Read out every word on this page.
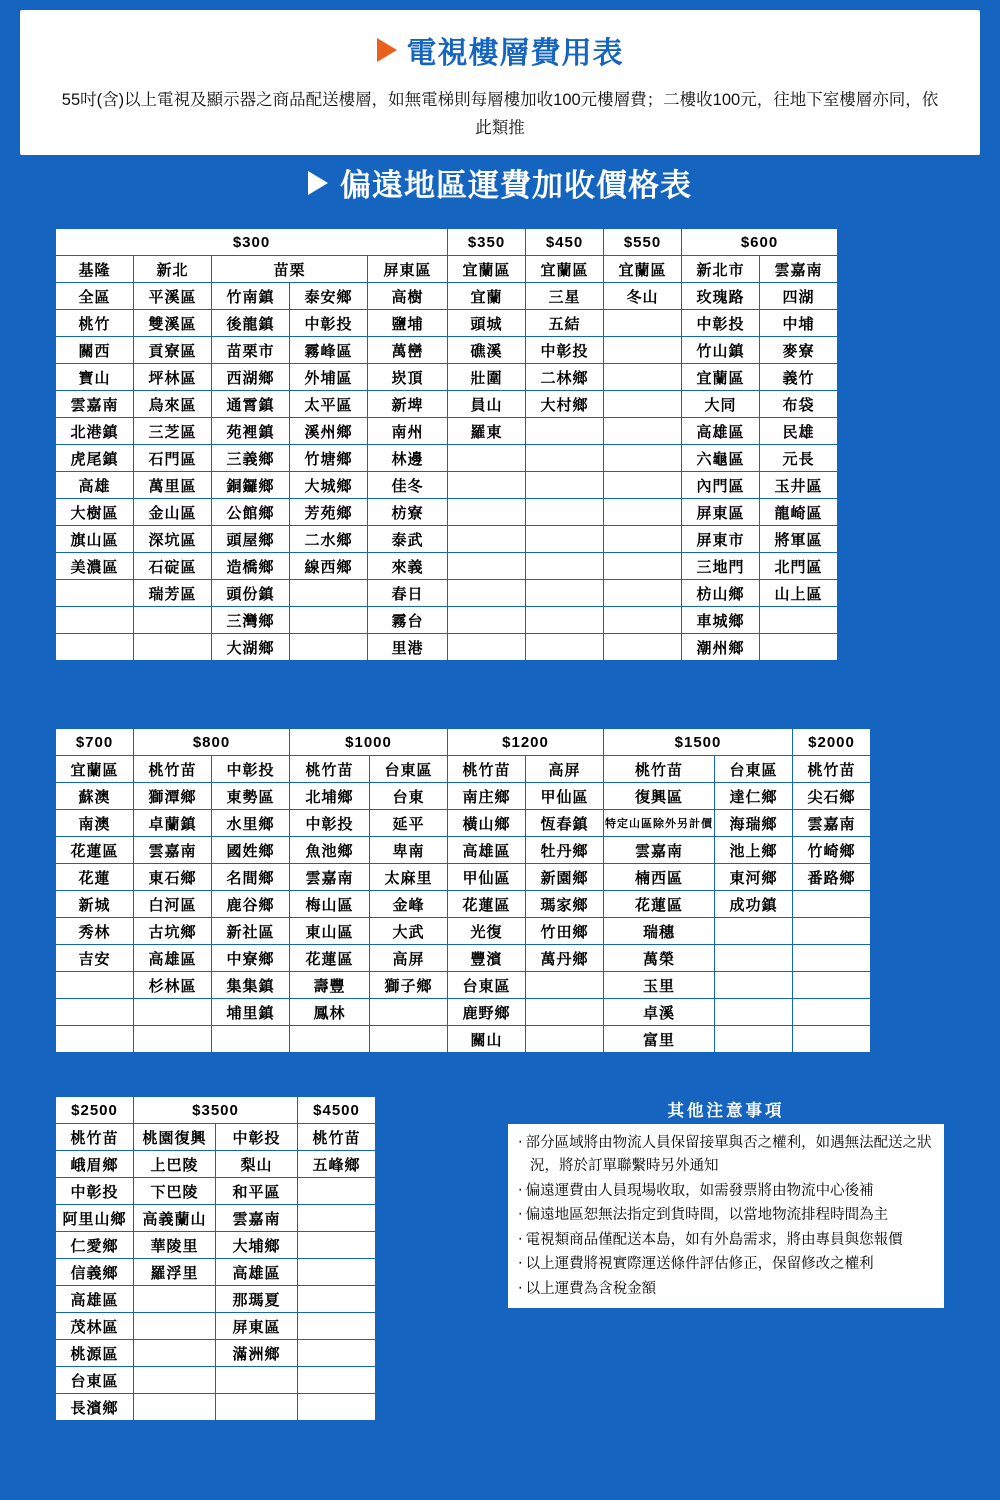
電視樓層費用表
55吋(含)以上電視及顯示器之商品配送樓層，如無電梯則每層樓加收100元樓層費；二樓收100元，往地下室樓層亦同，依此類推
偏遠地區運費加收價格表
$300					$350	$450	$550	$600	
基隆	新北	苗栗		屏東區	宜蘭區	宜蘭區	宜蘭區	新北市	雲嘉南
全區	平溪區	竹南鎮	泰安鄉	高樹	宜蘭	三星	冬山	玫瑰路	四湖
桃竹	雙溪區	後龍鎮	中彰投	鹽埔	頭城	五結		中彰投	中埔
關西	貢寮區	苗栗市	霧峰區	萬巒	礁溪	中彰投		竹山鎮	麥寮
寶山	坪林區	西湖鄉	外埔區	崁頂	壯圍	二林鄉		宜蘭區	義竹
雲嘉南	烏來區	通霄鎮	太平區	新埤	員山	大村鄉		大同	布袋
北港鎮	三芝區	苑裡鎮	溪州鄉	南州	羅東			高雄區	民雄
虎尾鎮	石門區	三義鄉	竹塘鄉	林邊				六龜區	元長
高雄	萬里區	銅鑼鄉	大城鄉	佳冬				內門區	玉井區
大樹區	金山區	公館鄉	芳苑鄉	枋寮				屏東區	龍崎區
旗山區	深坑區	頭屋鄉	二水鄉	泰武				屏東市	將軍區
美濃區	石碇區	造橋鄉	線西鄉	來義				三地門	北門區
	瑞芳區	頭份鎮		春日				枋山鄉	山上區
		三灣鄉		霧台				車城鄉	
		大湖鄉		里港				潮州鄉	
$700	$800		$1000		$1200		$1500		$2000
宜蘭區	桃竹苗	中彰投	桃竹苗	台東區	桃竹苗	高屏	桃竹苗	台東區	桃竹苗
蘇澳	獅潭鄉	東勢區	北埔鄉	台東	南庄鄉	甲仙區	復興區	達仁鄉	尖石鄉
南澳	卓蘭鎮	水里鄉	中彰投	延平	橫山鄉	恆春鎮	特定山區除外另計價	海瑞鄉	雲嘉南
花蓮區	雲嘉南	國姓鄉	魚池鄉	卑南	高雄區	牡丹鄉	雲嘉南	池上鄉	竹崎鄉
花蓮	東石鄉	名間鄉	雲嘉南	太麻里	甲仙區	新園鄉	楠西區	東河鄉	番路鄉
新城	白河區	鹿谷鄉	梅山區	金峰	花蓮區	瑪家鄉	花蓮區	成功鎮	
秀林	古坑鄉	新社區	東山區	大武	光復	竹田鄉	瑞穗		
吉安	高雄區	中寮鄉	花蓮區	高屏	豐濱	萬丹鄉	萬榮		
	杉林區	集集鎮	壽豐	獅子鄉	台東區		玉里		
		埔里鎮	鳳林		鹿野鄉		卓溪		
					關山		富里		
$2500	$3500		$4500
桃竹苗	桃園復興	中彰投	桃竹苗
峨眉鄉	上巴陵	梨山	五峰鄉
中彰投	下巴陵	和平區	
阿里山鄉	高義蘭山	雲嘉南	
仁愛鄉	華陵里	大埔鄉	
信義鄉	羅浮里	高雄區	
高雄區		那瑪夏	
茂林區		屏東區	
桃源區		滿洲鄉	
台東區			
長濱鄉			
其他注意事項
‧ 部分區域將由物流人員保留接單與否之權利，如遇無法配送之狀況，將於訂單聯繫時另外通知
‧ 偏遠運費由人員現場收取，如需發票將由物流中心後補
‧ 偏遠地區恕無法指定到貨時間，以當地物流排程時間為主
‧ 電視類商品僅配送本島，如有外島需求，將由專員與您報價
‧ 以上運費將視實際運送條件評估修正，保留修改之權利
‧ 以上運費為含稅金額
